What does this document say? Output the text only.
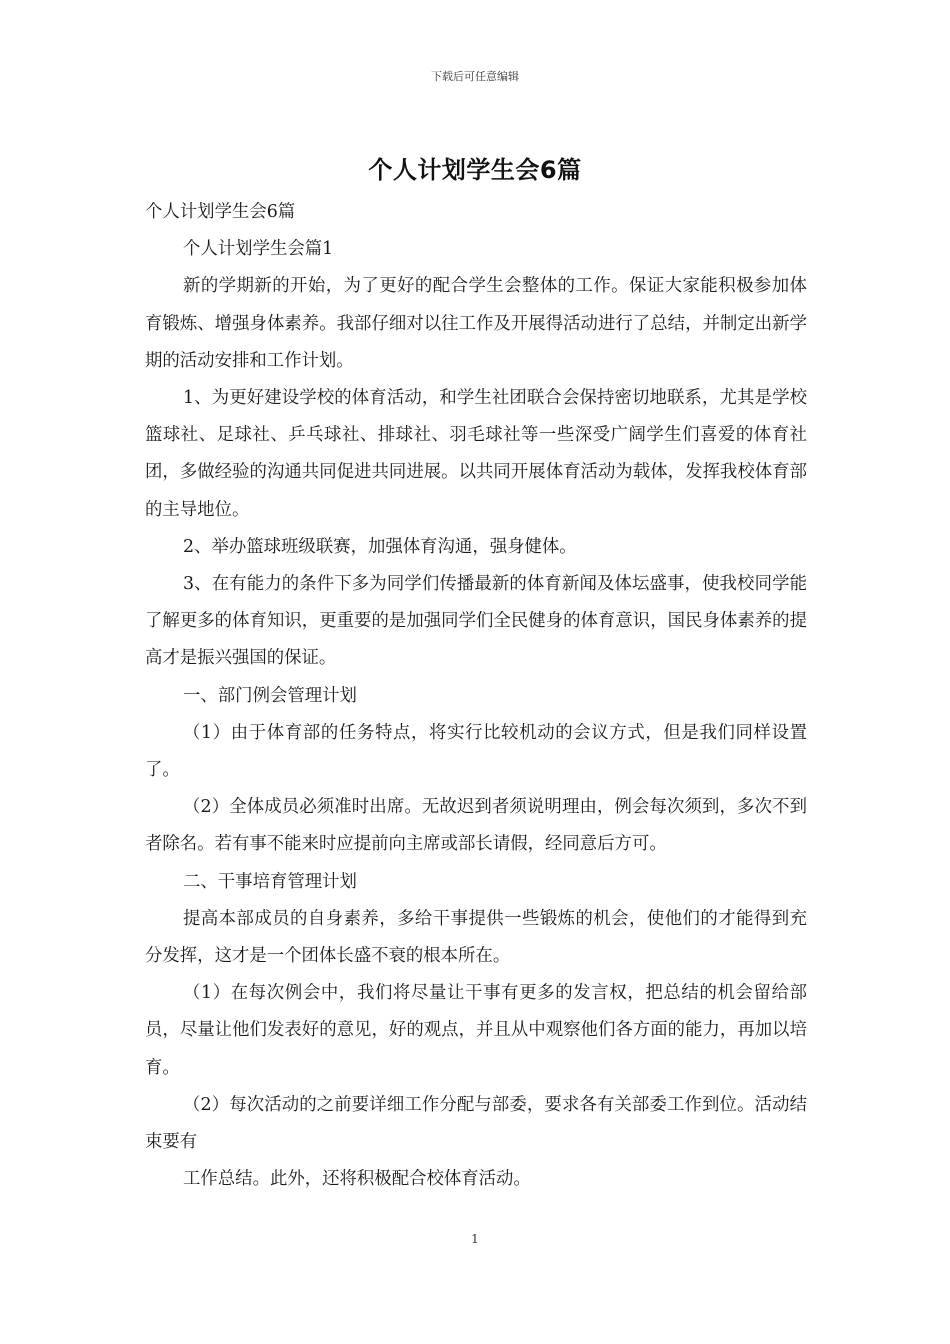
下载后可任意编辑
个人计划学生会6篇

个人计划学生会6篇

个人计划学生会篇1

新的学期新的开始，为了更好的配合学生会整体的工作。保证大家能积极参加体育锻炼、增强身体素养。我部仔细对以往工作及开展得活动进行了总结，并制定出新学期的活动安排和工作计划。

1、为更好建设学校的体育活动，和学生社团联合会保持密切地联系，尤其是学校篮球社、足球社、乒乓球社、排球社、羽毛球社等一些深受广阔学生们喜爱的体育社团，多做经验的沟通共同促进共同进展。以共同开展体育活动为载体，发挥我校体育部的主导地位。

2、举办篮球班级联赛，加强体育沟通，强身健体。

3、在有能力的条件下多为同学们传播最新的体育新闻及体坛盛事，使我校同学能了解更多的体育知识，更重要的是加强同学们全民健身的体育意识，国民身体素养的提高才是振兴强国的保证。

一、部门例会管理计划

（1）由于体育部的任务特点，将实行比较机动的会议方式，但是我们同样设置了。

（2）全体成员必须准时出席。无故迟到者须说明理由，例会每次须到，多次不到者除名。若有事不能来时应提前向主席或部长请假，经同意后方可。

二、干事培育管理计划

提高本部成员的自身素养，多给干事提供一些锻炼的机会，使他们的才能得到充分发挥，这才是一个团体长盛不衰的根本所在。

（1）在每次例会中，我们将尽量让干事有更多的发言权，把总结的机会留给部员，尽量让他们发表好的意见，好的观点，并且从中观察他们各方面的能力，再加以培育。

（2）每次活动的之前要详细工作分配与部委，要求各有关部委工作到位。活动结束要有

工作总结。此外，还将积极配合校体育活动。

1
